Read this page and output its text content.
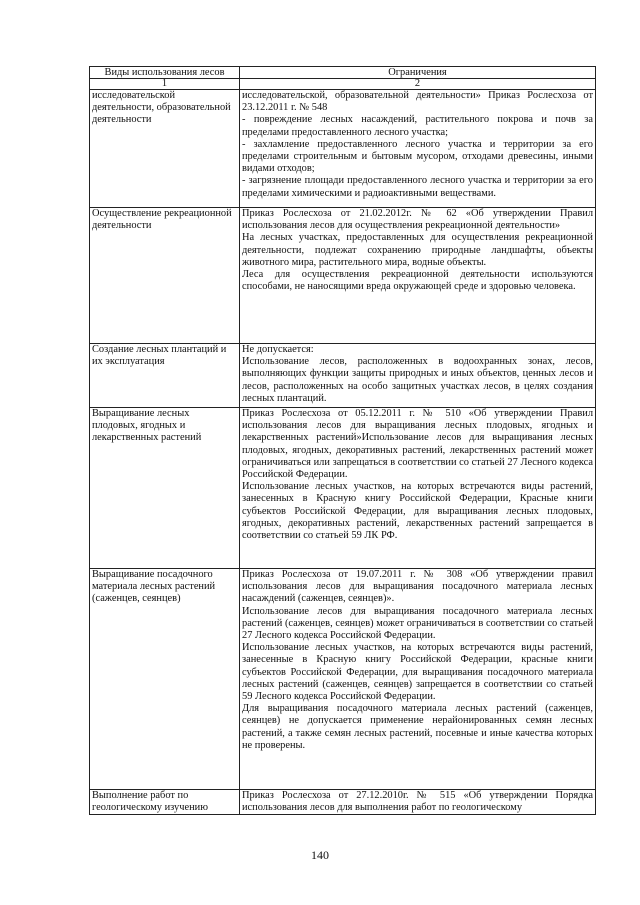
Виды использования лесов	Ограничения
1	2
исследовательской деятельности, образовательной деятельности	исследовательской, образовательной деятельности» Приказ Рослесхоза от 23.12.2011 г. № 548

- повреждение лесных насаждений, растительного покрова и почв за пределами предоставленного лесного участка;

- захламление предоставленного лесного участка и территории за его пределами строительным и бытовым мусором, отходами древесины, иными видами отходов;

- загрязнение площади предоставленного лесного участка и территории за его пределами химическими и радиоактивными веществами.

Осуществление рекреационной деятельности	Приказ Рослесхоза от 21.02.2012г. № 62 «Об утверждении Правил использования лесов для осуществления рекреационной деятельности»

На лесных участках, предоставленных для осуществления рекреационной деятельности, подлежат сохранению природные ландшафты, объекты животного мира, растительного мира, водные объекты.

Леса для осуществления рекреационной деятельности используются способами, не наносящими вреда окружающей среде и здоровью человека.

Создание лесных плантаций и их эксплуатация	Не допускается:

Использование лесов, расположенных в водоохранных зонах, лесов, выполняющих функции защиты природных и иных объектов, ценных лесов и лесов, расположенных на особо защитных участках лесов, в целях создания лесных плантаций.

Выращивание лесных плодовых, ягодных и лекарственных растений	Приказ Рослесхоза от 05.12.2011 г. № 510 «Об утверждении Правил использования лесов для выращивания лесных плодовых, ягодных и лекарственных растений»Использование лесов для выращивания лесных плодовых, ягодных, декоративных растений, лекарственных растений может ограничиваться или запрещаться в соответствии со статьей 27 Лесного кодекса Российской Федерации.

Использование лесных участков, на которых встречаются виды растений, занесенных в Красную книгу Российской Федерации, Красные книги субъектов Российской Федерации, для выращивания лесных плодовых, ягодных, декоративных растений, лекарственных растений запрещается в соответствии со статьей 59 ЛК РФ.

Выращивание посадочного материала лесных растений (саженцев, сеянцев)	Приказ Рослесхоза от 19.07.2011 г. № 308 «Об утверждении правил использования лесов для выращивания посадочного материала лесных насаждений (саженцев, сеянцев)».

Использование лесов для выращивания посадочного материала лесных растений (саженцев, сеянцев) может ограничиваться в соответствии со статьей 27 Лесного кодекса Российской Федерации.

Использование лесных участков, на которых встречаются виды растений, занесенные в Красную книгу Российской Федерации, красные книги субъектов Российской Федерации, для выращивания посадочного материала лесных растений (саженцев, сеянцев) запрещается в соответствии со статьей 59 Лесного кодекса Российской Федерации.

Для выращивания посадочного материала лесных растений (саженцев, сеянцев) не допускается применение нерайонированных семян лесных растений, а также семян лесных растений, посевные и иные качества которых не проверены.

Выполнение работ по геологическому изучению	Приказ Рослесхоза от 27.12.2010г. № 515 «Об утверждении Порядка использования лесов для выполнения работ по геологическому

140
